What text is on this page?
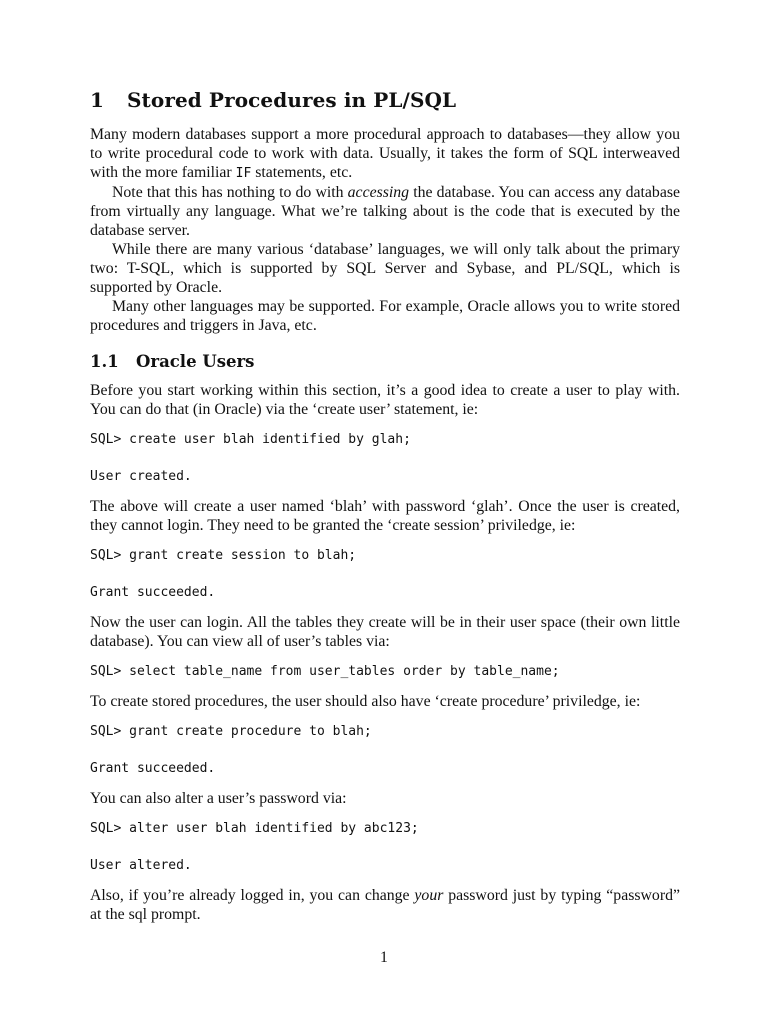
1 Stored Procedures in PL/SQL

Many modern databases support a more procedural approach to databases—they allow you to write procedural code to work with data. Usually, it takes the form of SQL interweaved with the more familiar IF statements, etc.

Note that this has nothing to do with accessing the database. You can access any database from virtually any language. What we’re talking about is the code that is executed by the database server.

While there are many various ‘database’ languages, we will only talk about the primary two: T-SQL, which is supported by SQL Server and Sybase, and PL/SQL, which is supported by Oracle.

Many other languages may be supported. For example, Oracle allows you to write stored procedures and triggers in Java, etc.

1.1 Oracle Users

Before you start working within this section, it’s a good idea to create a user to play with. You can do that (in Oracle) via the ‘create user’ statement, ie:

SQL> create user blah identified by glah;
User created.

The above will create a user named ‘blah’ with password ‘glah’. Once the user is created, they cannot login. They need to be granted the ‘create session’ priviledge, ie:

SQL> grant create session to blah;
Grant succeeded.

Now the user can login. All the tables they create will be in their user space (their own little database). You can view all of user’s tables via:

SQL> select table_name from user_tables order by table_name;

To create stored procedures, the user should also have ‘create procedure’ priviledge, ie:

SQL> grant create procedure to blah;
Grant succeeded.

You can also alter a user’s password via:

SQL> alter user blah identified by abc123;
User altered.

Also, if you’re already logged in, you can change your password just by typing “password” at the sql prompt.

1
